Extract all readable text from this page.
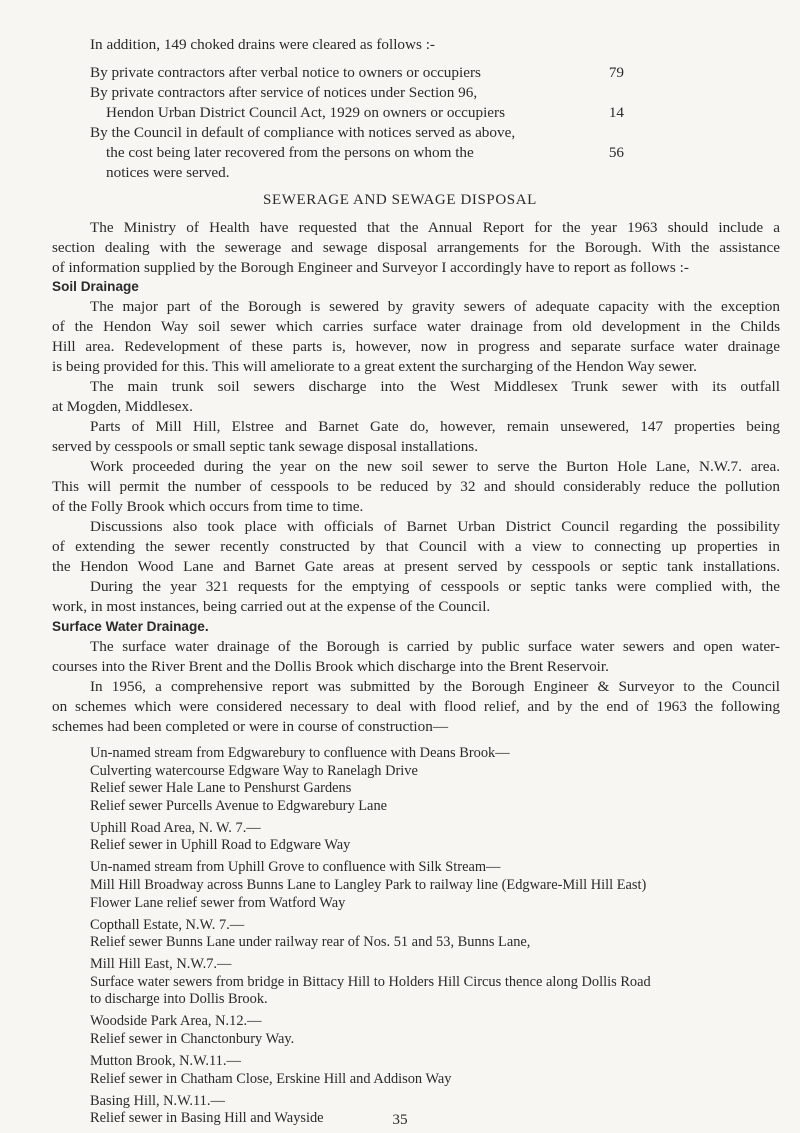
In addition, 149 choked drains were cleared as follows :-
By private contractors after verbal notice to owners or occupiers	79
By private contractors after service of notices under Section 96,
Hendon Urban District Council Act, 1929 on owners or occupiers	14
By the Council in default of compliance with notices served as above,
the cost being later recovered from the persons on whom the	56
notices were served.
SEWERAGE AND SEWAGE DISPOSAL
The Ministry of Health have requested that the Annual Report for the year 1963 should include a
section dealing with the sewerage and sewage disposal arrangements for the Borough. With the assistance
of information supplied by the Borough Engineer and Surveyor I accordingly have to report as follows :-
Soil Drainage
The major part of the Borough is sewered by gravity sewers of adequate capacity with the exception
of the Hendon Way soil sewer which carries surface water drainage from old development in the Childs
Hill area. Redevelopment of these parts is, however, now in progress and separate surface water drainage
is being provided for this. This will ameliorate to a great extent the surcharging of the Hendon Way sewer.
The main trunk soil sewers discharge into the West Middlesex Trunk sewer with its outfall
at Mogden, Middlesex.
Parts of Mill Hill, Elstree and Barnet Gate do, however, remain unsewered, 147 properties being
served by cesspools or small septic tank sewage disposal installations.
Work proceeded during the year on the new soil sewer to serve the Burton Hole Lane, N.W.7. area.
This will permit the number of cesspools to be reduced by 32 and should considerably reduce the pollution
of the Folly Brook which occurs from time to time.
Discussions also took place with officials of Barnet Urban District Council regarding the possibility
of extending the sewer recently constructed by that Council with a view to connecting up properties in
the Hendon Wood Lane and Barnet Gate areas at present served by cesspools or septic tank installations.
During the year 321 requests for the emptying of cesspools or septic tanks were complied with, the
work, in most instances, being carried out at the expense of the Council.
Surface Water Drainage.
The surface water drainage of the Borough is carried by public surface water sewers and open water-
courses into the River Brent and the Dollis Brook which discharge into the Brent Reservoir.
In 1956, a comprehensive report was submitted by the Borough Engineer & Surveyor to the Council
on schemes which were considered necessary to deal with flood relief, and by the end of 1963 the following
schemes had been completed or were in course of construction—
Un-named stream from Edgwarebury to confluence with Deans Brook—
Culverting watercourse Edgware Way to Ranelagh Drive
Relief sewer Hale Lane to Penshurst Gardens
Relief sewer Purcells Avenue to Edgwarebury Lane
Uphill Road Area, N. W. 7.—
Relief sewer in Uphill Road to Edgware Way
Un-named stream from Uphill Grove to confluence with Silk Stream—
Mill Hill Broadway across Bunns Lane to Langley Park to railway line (Edgware-Mill Hill East)
Flower Lane relief sewer from Watford Way
Copthall Estate, N.W. 7.—
Relief sewer Bunns Lane under railway rear of Nos. 51 and 53, Bunns Lane,
Mill Hill East, N.W.7.—
Surface water sewers from bridge in Bittacy Hill to Holders Hill Circus thence along Dollis Road
to discharge into Dollis Brook.
Woodside Park Area, N.12.—
Relief sewer in Chanctonbury Way.
Mutton Brook, N.W.11.—
Relief sewer in Chatham Close, Erskine Hill and Addison Way
Basing Hill, N.W.11.—
Relief sewer in Basing Hill and Wayside	35
